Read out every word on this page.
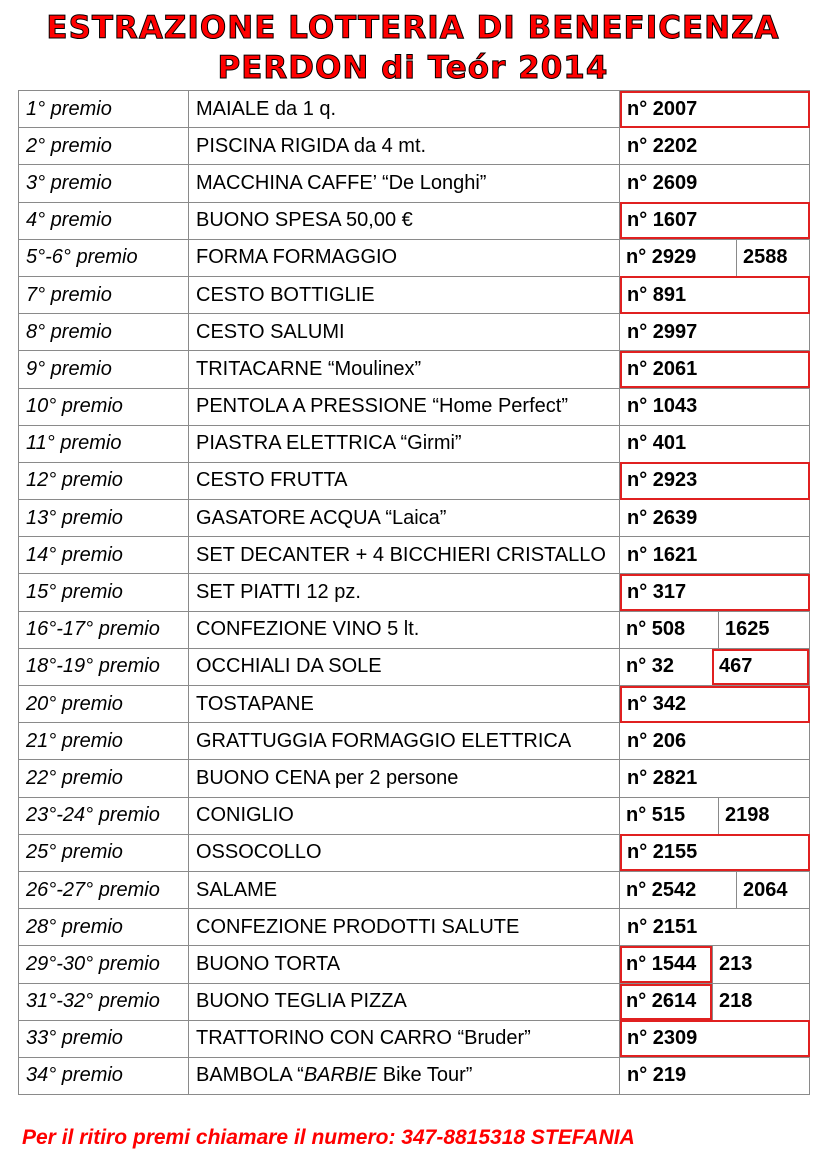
ESTRAZIONE LOTTERIA DI BENEFICENZA
PERDON di Teór 2014
1° premio	MAIALE da 1 q.	n° 2007
2° premio	PISCINA RIGIDA da 4 mt.	n° 2202
3° premio	MACCHINA CAFFE’ “De Longhi”	n° 2609
4° premio	BUONO SPESA 50,00 €	n° 1607
5°-6° premio	FORMA FORMAGGIO	n° 2929 2588

7° premio	CESTO BOTTIGLIE	n° 891
8° premio	CESTO SALUMI	n° 2997
9° premio	TRITACARNE “Moulinex”	n° 2061
10° premio	PENTOLA A PRESSIONE “Home Perfect”	n° 1043
11° premio	PIASTRA ELETTRICA “Girmi”	n° 401
12° premio	CESTO FRUTTA	n° 2923
13° premio	GASATORE ACQUA “Laica”	n° 2639
14° premio	SET DECANTER + 4 BICCHIERI CRISTALLO	n° 1621
15° premio	SET PIATTI 12 pz.	n° 317
16°-17° premio	CONFEZIONE VINO 5 lt.	n° 508 1625

18°-19° premio	OCCHIALI DA SOLE	n° 32 467

20° premio	TOSTAPANE	n° 342
21° premio	GRATTUGGIA FORMAGGIO ELETTRICA	n° 206
22° premio	BUONO CENA per 2 persone	n° 2821
23°-24° premio	CONIGLIO	n° 515 2198

25° premio	OSSOCOLLO	n° 2155
26°-27° premio	SALAME	n° 2542 2064

28° premio	CONFEZIONE PRODOTTI SALUTE	n° 2151
29°-30° premio	BUONO TORTA	n° 1544 213

31°-32° premio	BUONO TEGLIA PIZZA	n° 2614 218

33° premio	TRATTORINO CON CARRO “Bruder”	n° 2309
34° premio	BAMBOLA “BARBIE Bike Tour”	n° 219
Per il ritiro premi chiamare il numero: 347-8815318 STEFANIA
